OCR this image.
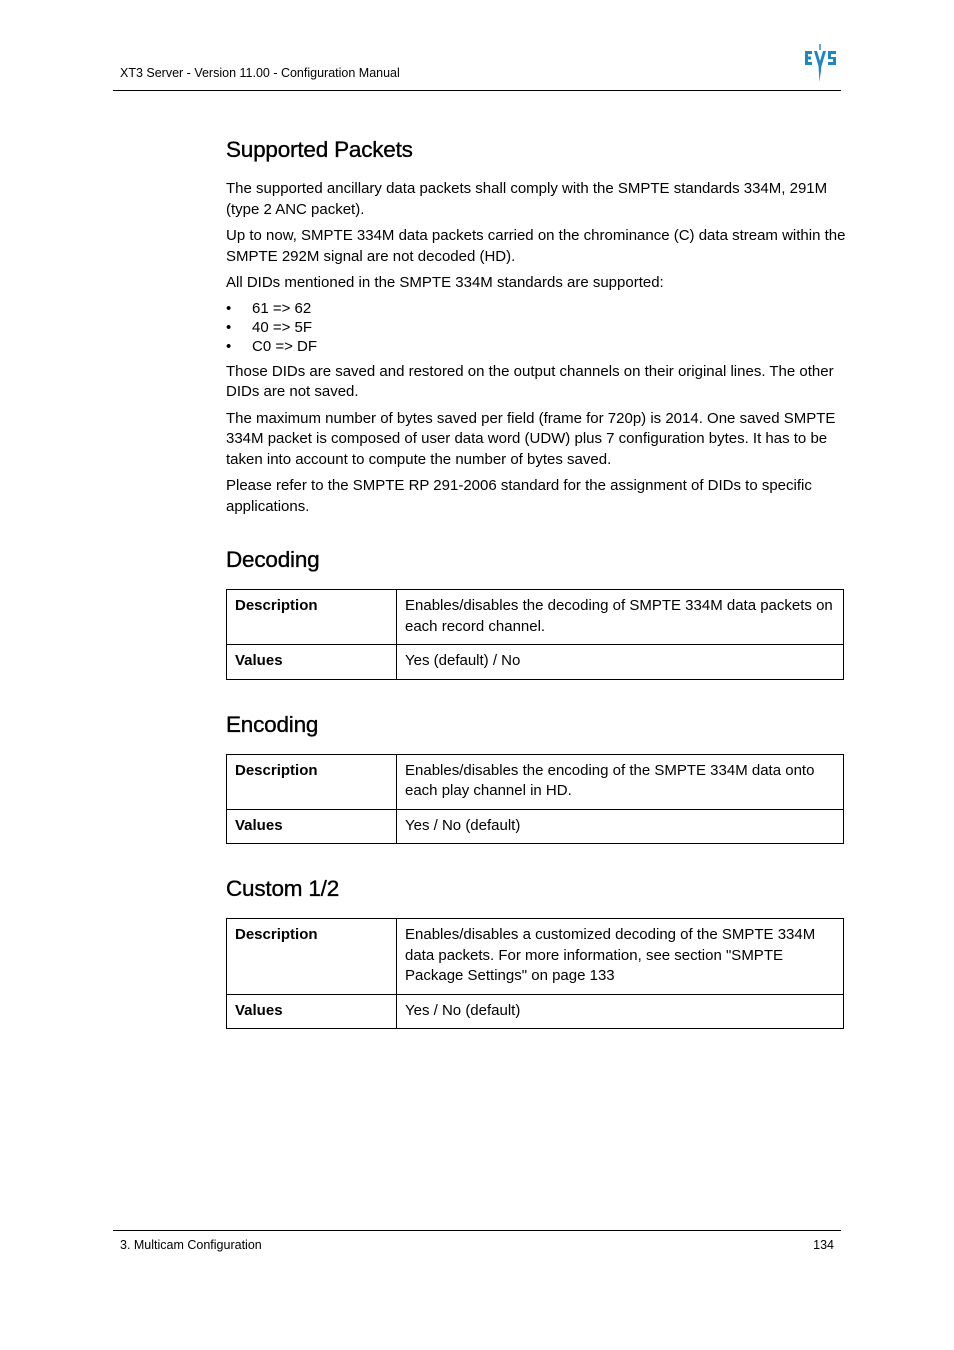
XT3 Server - Version 11.00 - Configuration Manual
Supported Packets

The supported ancillary data packets shall comply with the SMPTE standards 334M, 291M (type 2 ANC packet).

Up to now, SMPTE 334M data packets carried on the chrominance (C) data stream within the SMPTE 292M signal are not decoded (HD).

All DIDs mentioned in the SMPTE 334M standards are supported:

• 61 => 62
• 40 => 5F
• C0 => DF

Those DIDs are saved and restored on the output channels on their original lines. The other DIDs are not saved.

The maximum number of bytes saved per field (frame for 720p) is 2014. One saved SMPTE 334M packet is composed of user data word (UDW) plus 7 configuration bytes. It has to be taken into account to compute the number of bytes saved.

Please refer to the SMPTE RP 291-2006 standard for the assignment of DIDs to specific applications.

Decoding
Description	Enables/disables the decoding of SMPTE 334M data packets on each record channel.
Values	Yes (default) / No
Encoding
Description	Enables/disables the encoding of the SMPTE 334M data onto each play channel in HD.
Values	Yes / No (default)
Custom 1/2
Description	Enables/disables a customized decoding of the SMPTE 334M data packets. For more information, see section "SMPTE Package Settings" on page 133
Values	Yes / No (default)
3. Multicam Configuration	134
